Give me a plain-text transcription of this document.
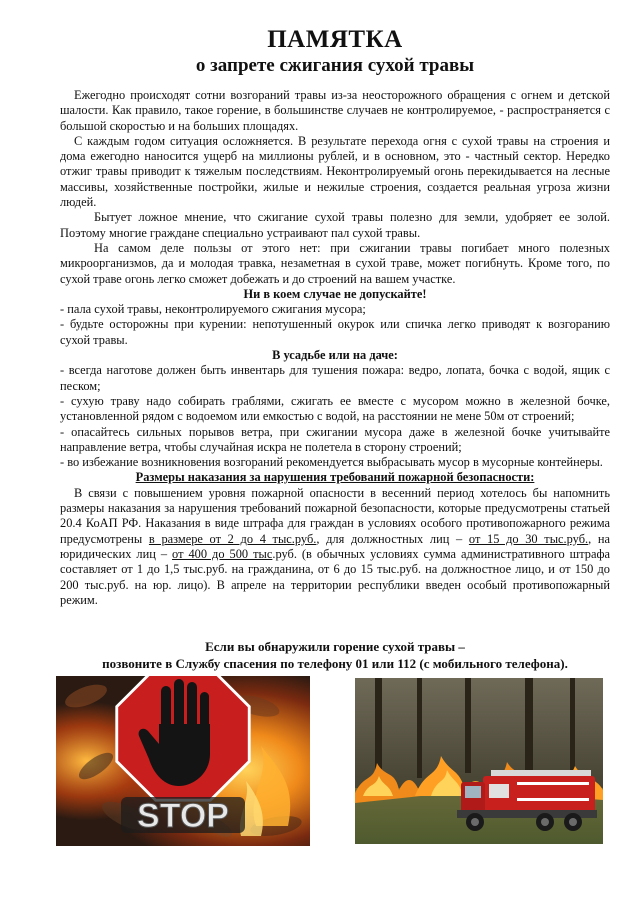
ПАМЯТКА
о запрете сжигания сухой травы

Ежегодно происходят сотни возгораний травы из-за неосторожного обращения с огнем и детской шалости. Как правило, такое горение, в большинстве случаев не контролируемое, - распространяется с большой скоростью и на больших площадях.

С каждым годом ситуация осложняется. В результате перехода огня с сухой травы на строения и дома ежегодно наносится ущерб на миллионы рублей, и в основном, это - частный сектор. Нередко отжиг травы приводит к тяжелым последствиям. Неконтролируемый огонь перекидывается на лесные массивы, хозяйственные постройки, жилые и нежилые строения, создается реальная угроза жизни людей.

Бытует ложное мнение, что сжигание сухой травы полезно для земли, удобряет ее золой. Поэтому многие граждане специально устраивают пал сухой травы.

На самом деле пользы от этого нет: при сжигании травы погибает много полезных микроорганизмов, да и молодая травка, незаметная в сухой траве, может погибнуть. Кроме того, по сухой траве огонь легко сможет добежать и до строений на вашем участке.

Ни в коем случае не допускайте!

- пала сухой травы, неконтролируемого сжигания мусора;

- будьте осторожны при курении: непотушенный окурок или спичка легко приводят к возгоранию сухой травы.

В усадьбе или на даче:

- всегда наготове должен быть инвентарь для тушения пожара: ведро, лопата, бочка с водой, ящик с песком;

- сухую траву надо собирать граблями, сжигать ее вместе с мусором можно в железной бочке, установленной рядом с водоемом или емкостью с водой, на расстоянии не мене 50м от строений;

- опасайтесь сильных порывов ветра, при сжигании мусора даже в железной бочке учитывайте направление ветра, чтобы случайная искра не полетела в сторону строений;

- во избежание возникновения возгораний рекомендуется выбрасывать мусор в мусорные контейнеры.

Размеры наказания за нарушения требований пожарной безопасности:

В связи с повышением уровня пожарной опасности в весенний период хотелось бы напомнить размеры наказания за нарушения требований пожарной безопасности, которые предусмотрены статьей 20.4 КоАП РФ. Наказания в виде штрафа для граждан в условиях особого противопожарного режима предусмотрены в размере от 2 до 4 тыс.руб., для должностных лиц – от 15 до 30 тыс.руб., на юридических лиц – от 400 до 500 тыс.руб. (в обычных условиях сумма административного штрафа составляет от 1 до 1,5 тыс.руб. на гражданина, от 6 до 15 тыс.руб. на должностное лицо, и от 150 до 200 тыс.руб. на юр. лицо). В апреле на территории республики введен особый противопожарный режим.

Если вы обнаружили горение сухой травы –
позвоните в Службу спасения по телефону 01 или 112 (с мобильного телефона).
STOP
